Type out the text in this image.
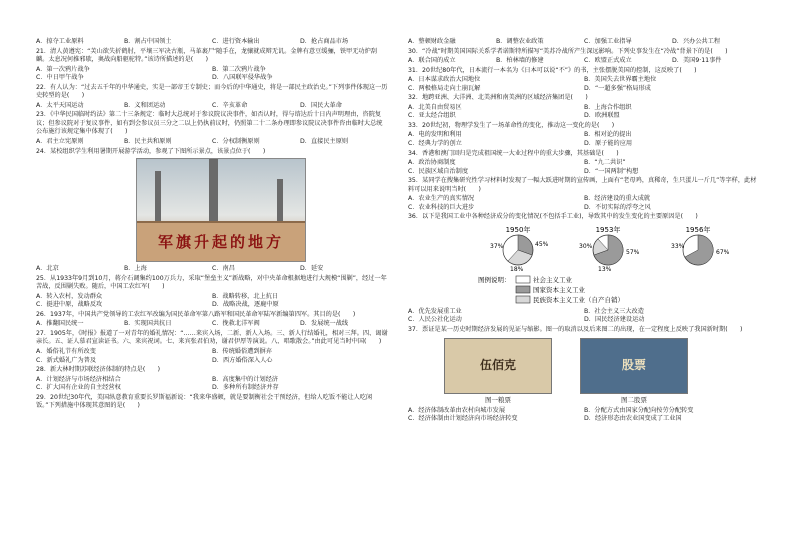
A．掠夺工业原料	B．割占中国领土	C．进行资本输出	D．抢占商品市场

21．清人黄遵宪：“芙山欲失折鹤肘，平壤三军决古瓶，马革裹尸‘随手在，龙骧就成辩无讥。金牌有意豆缓骊，铁甲无功炉刮麟。太息况何推邪歇，奥战向船驱驼特。”该诗所描述的是(　　)

A．第一次鸦片战争	B．第二次鸦片战争
C．中日甲午战争	D．八国联军侵华战争

22．有人认为：“过去五千年的中华通史，实是一部帝王专制史；而今后的中华通史，将是一部民主政治史。”下列事件体现这一历史转型的是(　　)

A．太平天国运动	B．义和团运动	C．辛亥革命	D．国民大革命

23．《中华民国临时约法》第二十三条规定：临时大总统对于参议院议决事件，如否认时，得与谘达后十日内声明理由，咨院复议；但参议院对于复议事件，如有到会参议员三分之二以上仍执前议时，仍照第二十二条办理即参议院议决事件咨由临时大总统公布施行该规定集中体现了(　　)

A．君主立宪原则	B．民主共和原则	C．分权制衡原则	D．直接民主原则

24．某校组织学生利用暑期开展游学活动，参观了下图所示景点，该景点位于(　　)

军旗升起的地方
A．北京	B．上海	C．南昌	D．延安

25．从1933年9月到10月，蒋介石调集约100万兵力，采取“堡垒主义”新战略，对中央革命根据地进行大规模“围剿”，经过一年苦战，反围剿失败。随后，中国工农红军(　　)

A．转入农村，发动群众	B．战略转移，北上抗日
C．挺进中原，战略反攻	D．战略决战，逐鹿中原

26．1937年，中国共产党领导的工农红军改编为国民革命军第八路军和国民革命军陆军新编第四军。其目的是(　　)

A．推翻国民统一	B．实现国共抗日	C．挽救北洋军阀	D．发展统一战线

27．1905年，《时报》报道了一对青年的婚礼情况：“……来宾入场，二新、新人入场。三、新人行结婚礼，相对三拜。四、谒谢亲长。五、证人慕君宣读证书。六、来宾祝词。七、来宾张君伯劝，谢君伊厚等演说。八、唱歌散会。”由此可见当时中国(　　)

A．婚俗礼节有所改变	B．传统婚俗遭到摒弃
C．新式婚礼广为普及	D．西方婚俗深入人心

28．新大林时期苏联经济体制的特点是(　　)

A．计划经济与市场经济相结合	B．高度集中的计划经济
C．扩大国有企业的自主经营权	D．多种所有制经济并存

29．20世纪30年代，美国纵意教育重要长罗斯福新说：“我来华盛顿，就是要制衡社会干预经济，但给人吃饭不能让人吃闲饭。”下列措施中体现其意图的是(　　)

A．整顿财政金融	B．调整农业政策	C．加强工业指导	D．兴办公共工程

30．“冷战”时期美国国际关系学者诺斯特所描写“美苏冷战所产生深远影响。下列史事发生在“冷战”背景下的是(　　)

A．联合国的成立	B．柏林墙的修建	C．欧盟正式成立	D．美国9·11事件

31．20世纪80年代，日本流行一本名为《日本可以说“不”》的书，主张摆脱美国的控制，这反映了(　　)

A．日本谋求政治大国地位	B．美国失去世界霸主地位
C．两极格局走向土崩瓦解	D．“一超多强”格局形成

32．地跨亚洲、大洋洲、北美洲和南美洲的区域经济集团是(　　)

A．北美自由贸易区	B．上海合作组织
C．亚太经合组织	D．欧洲联盟

33．20世纪初，物理学发生了一场革命性的变化，推动这一变化的是(　　)

A．电的发明和利用	B．相对论的提出
C．经典力学的创立	D．原子能的应用

34．香港和澳门回归是完成祖国统一大业过程中的重大步骤，其基础是(　　)

A．政治协商制度	B．“九二共识”
C．民族区域自治制度	D．“一国两制”构想

35．某同学在搜集研究性学习材料时发现了一幅大跃进时期的宣传画，上面有“老母鸡，真稀奇，生只蛋儿一斤几”等字样，此材料可以用来说明当时(　　)

A．农业生产的真实情况	B．经济建设的重大成就
C．农业科技的巨大进步	D．不切实际的浮夸之风

36．以下是我国工业中各种经济成分的变化情况(不包括手工业)，导致其中的发生变化的主要原因是(　　)

1950年	1953年	1956年
37%	45%
18%
30%
57%
13%
33%
67%
图例说明：	社会主义工业
国家资本主义工业
民族资本主义工业（自产自销）
A．优先发展重工业	B．社会主义三大改造
C．人民公社化运动	D．国民经济建设运动

37．票证是某一历史时期经济发展的见证与缩影。图一的取消以及后来图二的出现，在一定程度上反映了我国新时期(　　)

伍佰克
图一粮票
股票
图二股票
A．经济体制改革由农村向城市发展	B．分配方式由国家分配向按劳分配转变
C．经济体制由计划经济向市场经济转变	D．经济形态由农业国变成了工业国
